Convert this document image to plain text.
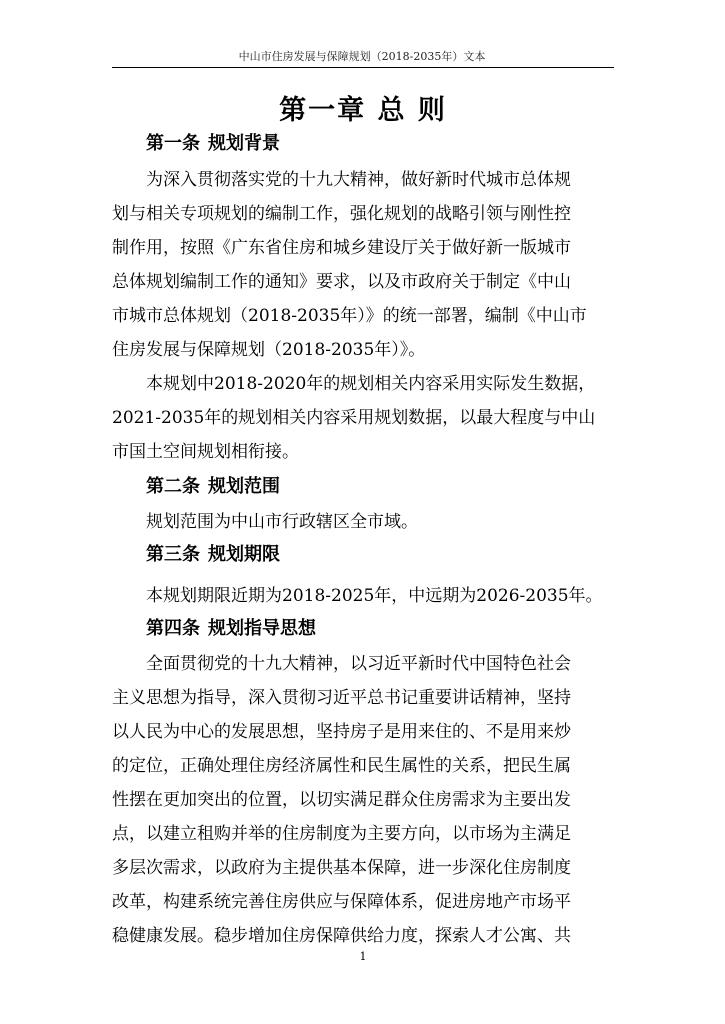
中山市住房发展与保障规划（2018-2035年）文本
第一章 总 则
第一条 规划背景
为深入贯彻落实党的十九大精神，做好新时代城市总体规
划与相关专项规划的编制工作，强化规划的战略引领与刚性控
制作用，按照《广东省住房和城乡建设厅关于做好新一版城市
总体规划编制工作的通知》要求，以及市政府关于制定《中山
市城市总体规划（2018-2035年）》的统一部署，编制《中山市
住房发展与保障规划（2018-2035年）》。
本规划中2018-2020年的规划相关内容采用实际发生数据，
2021-2035年的规划相关内容采用规划数据，以最大程度与中山
市国土空间规划相衔接。
第二条 规划范围
规划范围为中山市行政辖区全市域。
第三条 规划期限
本规划期限近期为2018-2025年，中远期为2026-2035年。
第四条 规划指导思想
全面贯彻党的十九大精神，以习近平新时代中国特色社会
主义思想为指导，深入贯彻习近平总书记重要讲话精神，坚持
以人民为中心的发展思想，坚持房子是用来住的、不是用来炒
的定位，正确处理住房经济属性和民生属性的关系，把民生属
性摆在更加突出的位置，以切实满足群众住房需求为主要出发
点，以建立租购并举的住房制度为主要方向，以市场为主满足
多层次需求，以政府为主提供基本保障，进一步深化住房制度
改革，构建系统完善住房供应与保障体系，促进房地产市场平
稳健康发展。稳步增加住房保障供给力度，探索人才公寓、共
1
